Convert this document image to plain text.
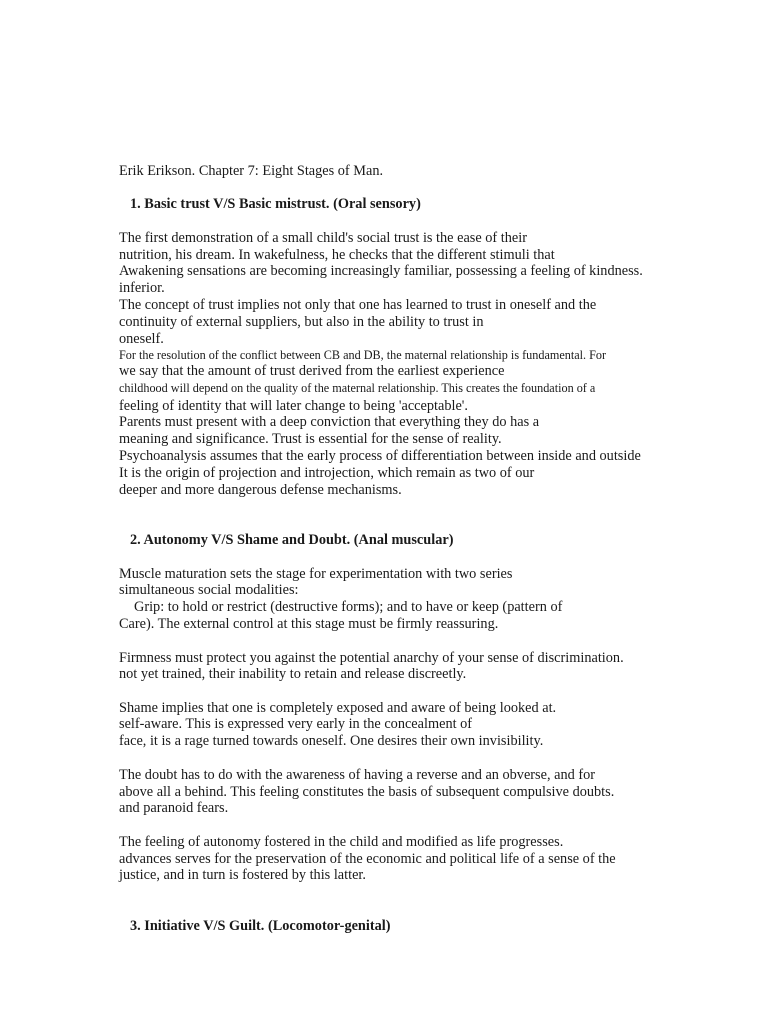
Erik Erikson. Chapter 7: Eight Stages of Man.

1. Basic trust V/S Basic mistrust. (Oral sensory)

The first demonstration of a small child's social trust is the ease of their

nutrition, his dream. In wakefulness, he checks that the different stimuli that

Awakening sensations are becoming increasingly familiar, possessing a feeling of kindness.

inferior.

The concept of trust implies not only that one has learned to trust in oneself and the

continuity of external suppliers, but also in the ability to trust in

oneself.

For the resolution of the conflict between CB and DB, the maternal relationship is fundamental. For

we say that the amount of trust derived from the earliest experience

childhood will depend on the quality of the maternal relationship. This creates the foundation of a

feeling of identity that will later change to being 'acceptable'.

Parents must present with a deep conviction that everything they do has a

meaning and significance. Trust is essential for the sense of reality.

Psychoanalysis assumes that the early process of differentiation between inside and outside

It is the origin of projection and introjection, which remain as two of our

deeper and more dangerous defense mechanisms.

2. Autonomy V/S Shame and Doubt. (Anal muscular)

Muscle maturation sets the stage for experimentation with two series

simultaneous social modalities:

Grip: to hold or restrict (destructive forms); and to have or keep (pattern of

Care). The external control at this stage must be firmly reassuring.

Firmness must protect you against the potential anarchy of your sense of discrimination.

not yet trained, their inability to retain and release discreetly.

Shame implies that one is completely exposed and aware of being looked at.

self-aware. This is expressed very early in the concealment of

face, it is a rage turned towards oneself. One desires their own invisibility.

The doubt has to do with the awareness of having a reverse and an obverse, and for

above all a behind. This feeling constitutes the basis of subsequent compulsive doubts.

and paranoid fears.

The feeling of autonomy fostered in the child and modified as life progresses.

advances serves for the preservation of the economic and political life of a sense of the

justice, and in turn is fostered by this latter.

3. Initiative V/S Guilt. (Locomotor-genital)
